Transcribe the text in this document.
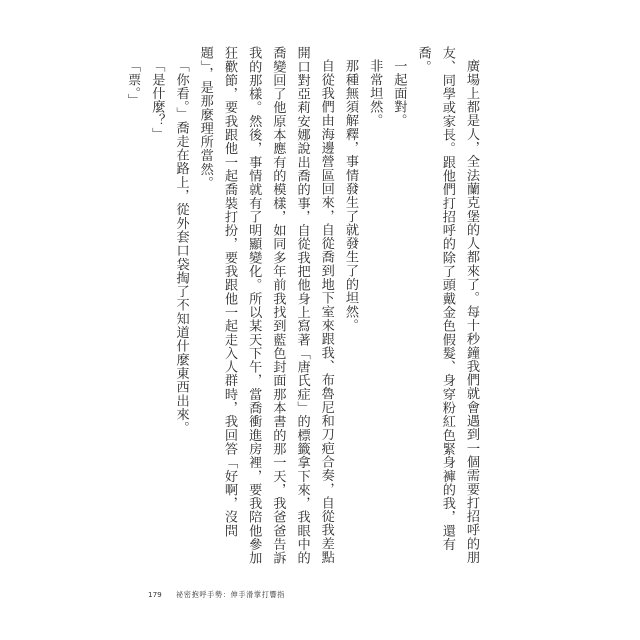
廣場上都是人，全法蘭克堡的人都來了。每十秒鐘我們就會遇到一個需要打招呼的朋友、同學或家長。跟他們打招呼的除了頭戴金色假髮、身穿粉紅色緊身褲的我，還有喬。

一起面對。

非常坦然。

那種無須解釋，事情發生了就發生了的坦然。

自從我們由海邊營區回來，自從喬到地下室來跟我、布魯尼和刀疤合奏，自從我差點開口對亞莉安娜說出喬的事，自從我把他身上寫著「唐氏症」的標籤拿下來，我眼中的喬變回了他原本應有的模樣，如同多年前我找到藍色封面那本書的那一天，我爸爸告訴我的那樣。然後，事情就有了明顯變化。所以某天下午，當喬衝進房裡，要我陪他參加狂歡節，要我跟他一起喬裝打扮，要我跟他一起走入人群時，我回答「好啊，沒問題」，是那麼理所當然。

「你看。」喬走在路上，從外套口袋掏了不知道什麼東西出來。

「是什麼？」

「票。」

179 祕密抱呼手勢：伸手滑掌打響指
